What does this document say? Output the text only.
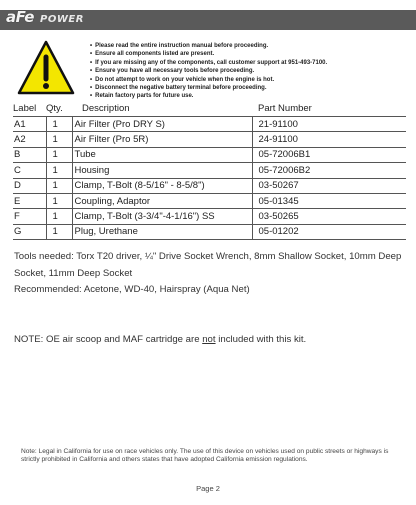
aFe POWER
• Please read the entire instruction manual before proceeding.
• Ensure all components listed are present.
• If you are missing any of the components, call customer support at 951-493-7100.
• Ensure you have all necessary tools before proceeding.
• Do not attempt to work on your vehicle when the engine is hot.
• Disconnect the negative battery terminal before proceeding.
• Retain factory parts for future use.
Label	Qty.	Description	Part Number
A1	1	Air Filter (Pro DRY S)	21-91100
A2	1	Air Filter (Pro 5R)	24-91100
B	1	Tube	05-72006B1
C	1	Housing	05-72006B2
D	1	Clamp, T-Bolt (8-5/16" - 8-5/8")	03-50267
E	1	Coupling, Adaptor	05-01345
F	1	Clamp, T-Bolt (3-3/4"-4-1/16") SS	03-50265
G	1	Plug, Urethane	05-01202

Tools needed: Torx T20 driver, ¼" Drive Socket Wrench, 8mm Shallow Socket, 10mm Deep Socket, 11mm Deep Socket

Recommended: Acetone, WD-40, Hairspray (Aqua Net)

NOTE: OE air scoop and MAF cartridge are not included with this kit.

Note: Legal in California for use on race vehicles only. The use of this device on vehicles used on public streets or highways is strictly prohibited in California and others states that have adopted California emission regulations.

Page 2
